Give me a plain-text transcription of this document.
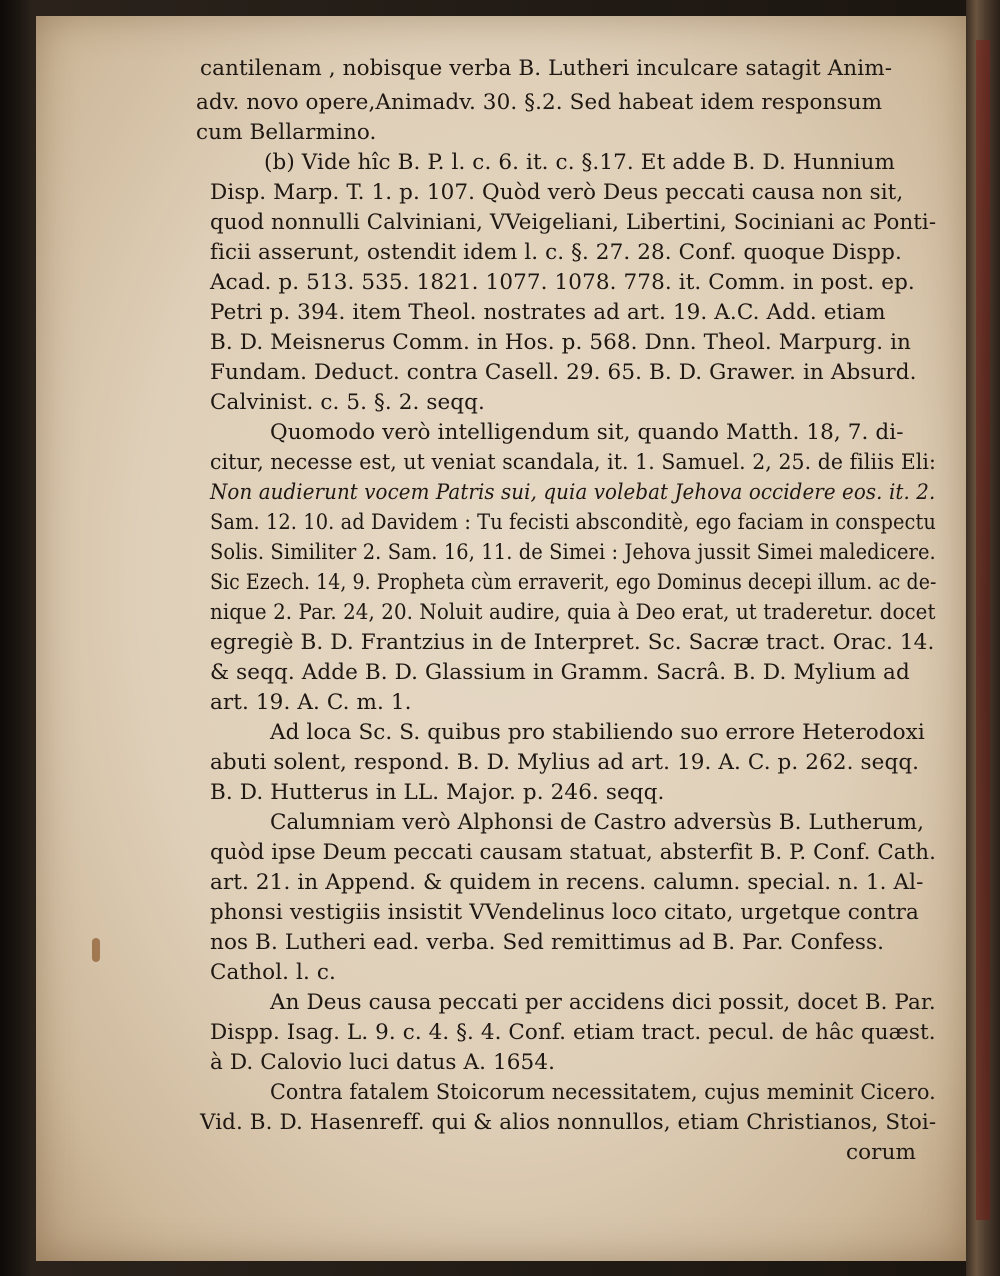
cantilenam , nobisque verba B. Lutheri inculcare satagit Anim-
adv. novo opere,Animadv. 30. §.2. Sed habeat idem responsum
cum Bellarmino.
(b) Vide hîc B. P. l. c. 6. it. c. §.17. Et adde B. D. Hunnium
Disp. Marp. T. 1. p. 107. Quòd verò Deus peccati causa non sit,
quod nonnulli Calviniani, VVeigeliani, Libertini, Sociniani ac Ponti-
ficii asserunt, ostendit idem l. c. §. 27. 28. Conf. quoque Dispp.
Acad. p. 513. 535. 1821. 1077. 1078. 778. it. Comm. in post. ep.
Petri p. 394. item Theol. nostrates ad art. 19. A.C. Add. etiam
B. D. Meisnerus Comm. in Hos. p. 568. Dnn. Theol. Marpurg. in
Fundam. Deduct. contra Casell. 29. 65. B. D. Grawer. in Absurd.
Calvinist. c. 5. §. 2. seqq.
Quomodo verò intelligendum sit, quando Matth. 18, 7. di-
citur, necesse est, ut veniat scandala, it. 1. Samuel. 2, 25. de filiis Eli:
Non audierunt vocem Patris sui, quia volebat Jehova occidere eos. it. 2.
Sam. 12. 10. ad Davidem : Tu fecisti absconditè, ego faciam in conspectu
Solis. Similiter 2. Sam. 16, 11. de Simei : Jehova jussit Simei maledicere.
Sic Ezech. 14, 9. Propheta cùm erraverit, ego Dominus decepi illum. ac de-
nique 2. Par. 24, 20. Noluit audire, quia à Deo erat, ut traderetur. docet
egregiè B. D. Frantzius in de Interpret. Sc. Sacræ tract. Orac. 14.
& seqq. Adde B. D. Glassium in Gramm. Sacrâ. B. D. Mylium ad
art. 19. A. C. m. 1.
Ad loca Sc. S. quibus pro stabiliendo suo errore Heterodoxi
abuti solent, respond. B. D. Mylius ad art. 19. A. C. p. 262. seqq.
B. D. Hutterus in LL. Major. p. 246. seqq.
Calumniam verò Alphonsi de Castro adversùs B. Lutherum,
quòd ipse Deum peccati causam statuat, absterfit B. P. Conf. Cath.
art. 21. in Append. & quidem in recens. calumn. special. n. 1. Al-
phonsi vestigiis insistit VVendelinus loco citato, urgetque contra
nos B. Lutheri ead. verba. Sed remittimus ad B. Par. Confess.
Cathol. l. c.
An Deus causa peccati per accidens dici possit, docet B. Par.
Dispp. Isag. L. 9. c. 4. §. 4. Conf. etiam tract. pecul. de hâc quæst.
à D. Calovio luci datus A. 1654.
Contra fatalem Stoicorum necessitatem, cujus meminit Cicero.
Vid. B. D. Hasenreff. qui & alios nonnullos, etiam Christianos, Stoi-
corum
